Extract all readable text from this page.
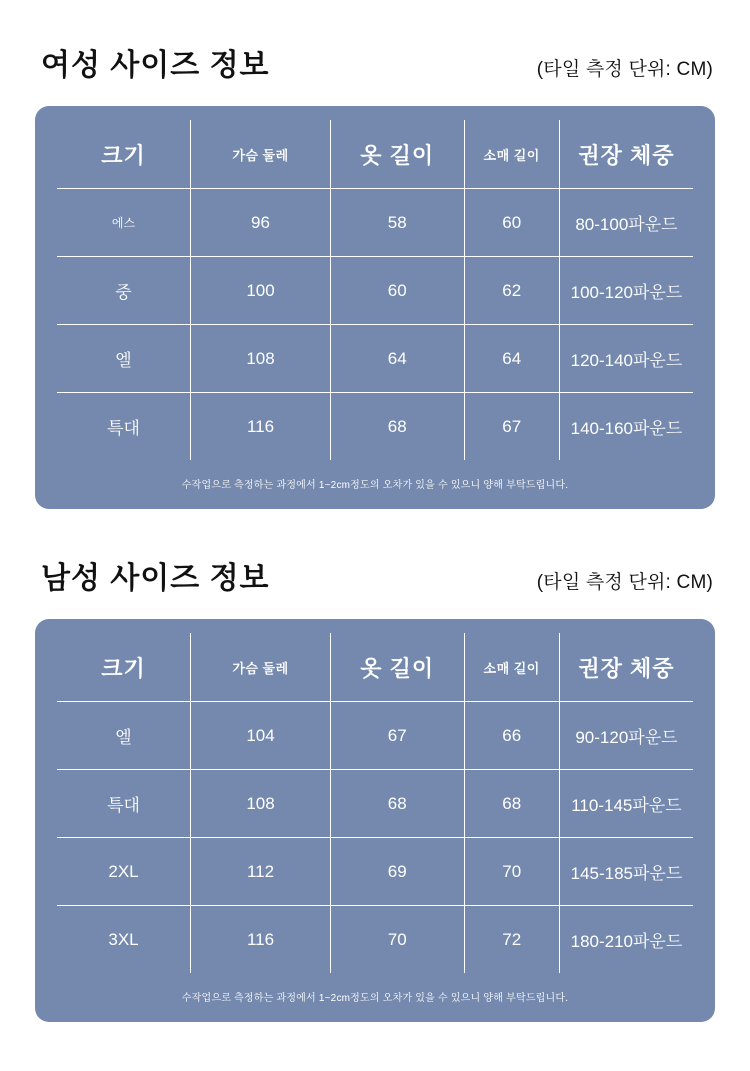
여성 사이즈 정보	(타일 측정 단위: CM)
크기	가슴 둘레	옷 길이	소매 길이	권장 체중
에스	96	58	60	80-100파운드
중	100	60	62	100-120파운드
엘	108	64	64	120-140파운드
특대	116	68	67	140-160파운드
수작업으로 측정하는 과정에서 1~2cm정도의 오차가 있을 수 있으니 양해 부탁드립니다.
남성 사이즈 정보	(타일 측정 단위: CM)
크기	가슴 둘레	옷 길이	소매 길이	권장 체중
엘	104	67	66	90-120파운드
특대	108	68	68	110-145파운드
2XL	112	69	70	145-185파운드
3XL	116	70	72	180-210파운드
수작업으로 측정하는 과정에서 1~2cm정도의 오차가 있을 수 있으니 양해 부탁드립니다.
